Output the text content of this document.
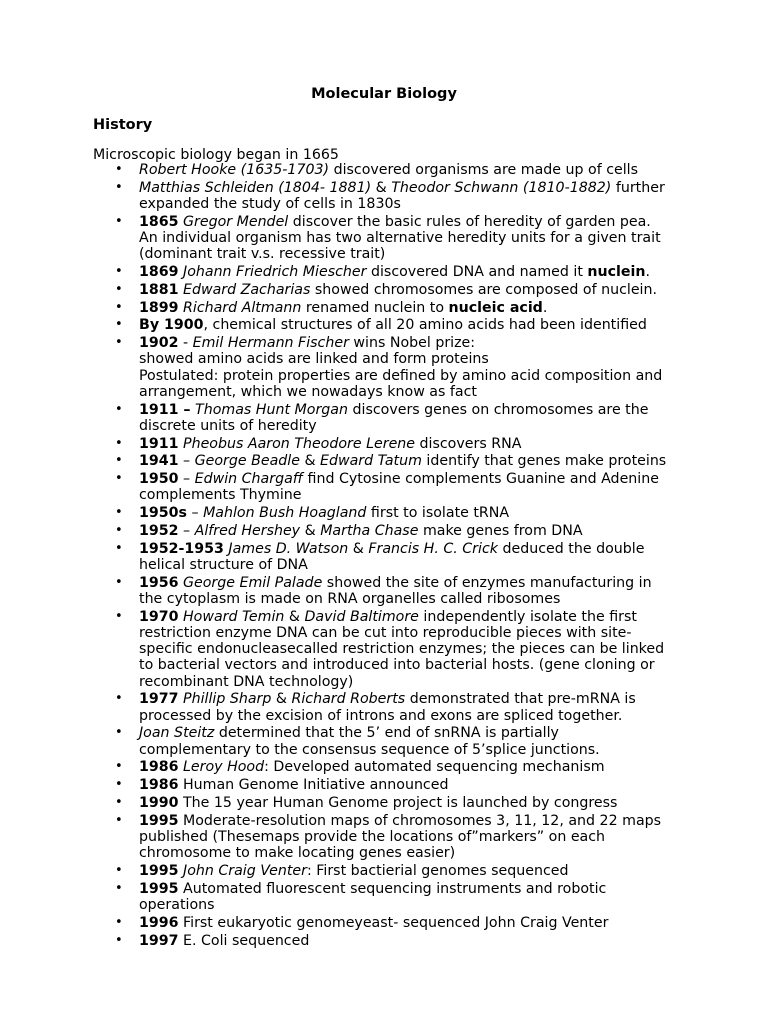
Molecular Biology
History
Microscopic biology began in 1665
• Robert Hooke (1635-1703) discovered organisms are made up of cells
• Matthias Schleiden (1804- 1881) & Theodor Schwann (1810-1882) further expanded the study of cells in 1830s
• 1865 Gregor Mendel discover the basic rules of heredity of garden pea. An individual organism has two alternative heredity units for a given trait (dominant trait v.s. recessive trait)
• 1869 Johann Friedrich Miescher discovered DNA and named it nuclein.
• 1881 Edward Zacharias showed chromosomes are composed of nuclein.
• 1899 Richard Altmann renamed nuclein to nucleic acid.
• By 1900, chemical structures of all 20 amino acids had been identified
• 1902 - Emil Hermann Fischer wins Nobel prize:
showed amino acids are linked and form proteins
Postulated: protein properties are defined by amino acid composition and arrangement, which we nowadays know as fact
• 1911 – Thomas Hunt Morgan discovers genes on chromosomes are the discrete units of heredity
• 1911 Pheobus Aaron Theodore Lerene discovers RNA
• 1941 – George Beadle & Edward Tatum identify that genes make proteins
• 1950 – Edwin Chargaff find Cytosine complements Guanine and Adenine complements Thymine
• 1950s – Mahlon Bush Hoagland first to isolate tRNA
• 1952 – Alfred Hershey & Martha Chase make genes from DNA
• 1952-1953 James D. Watson & Francis H. C. Crick deduced the double helical structure of DNA
• 1956 George Emil Palade showed the site of enzymes manufacturing in the cytoplasm is made on RNA organelles called ribosomes
• 1970 Howard Temin & David Baltimore independently isolate the first restriction enzyme DNA can be cut into reproducible pieces with site-specific endonucleasecalled restriction enzymes; the pieces can be linked to bacterial vectors and introduced into bacterial hosts. (gene cloning or recombinant DNA technology)
• 1977 Phillip Sharp & Richard Roberts demonstrated that pre-mRNA is processed by the excision of introns and exons are spliced together.
• Joan Steitz determined that the 5’ end of snRNA is partially complementary to the consensus sequence of 5’splice junctions.
• 1986 Leroy Hood: Developed automated sequencing mechanism
• 1986 Human Genome Initiative announced
• 1990 The 15 year Human Genome project is launched by congress
• 1995 Moderate-resolution maps of chromosomes 3, 11, 12, and 22 maps published (Thesemaps provide the locations of”markers” on each chromosome to make locating genes easier)
• 1995 John Craig Venter: First bactierial genomes sequenced
• 1995 Automated fluorescent sequencing instruments and robotic operations
• 1996 First eukaryotic genomeyeast- sequenced John Craig Venter
• 1997 E. Coli sequenced
